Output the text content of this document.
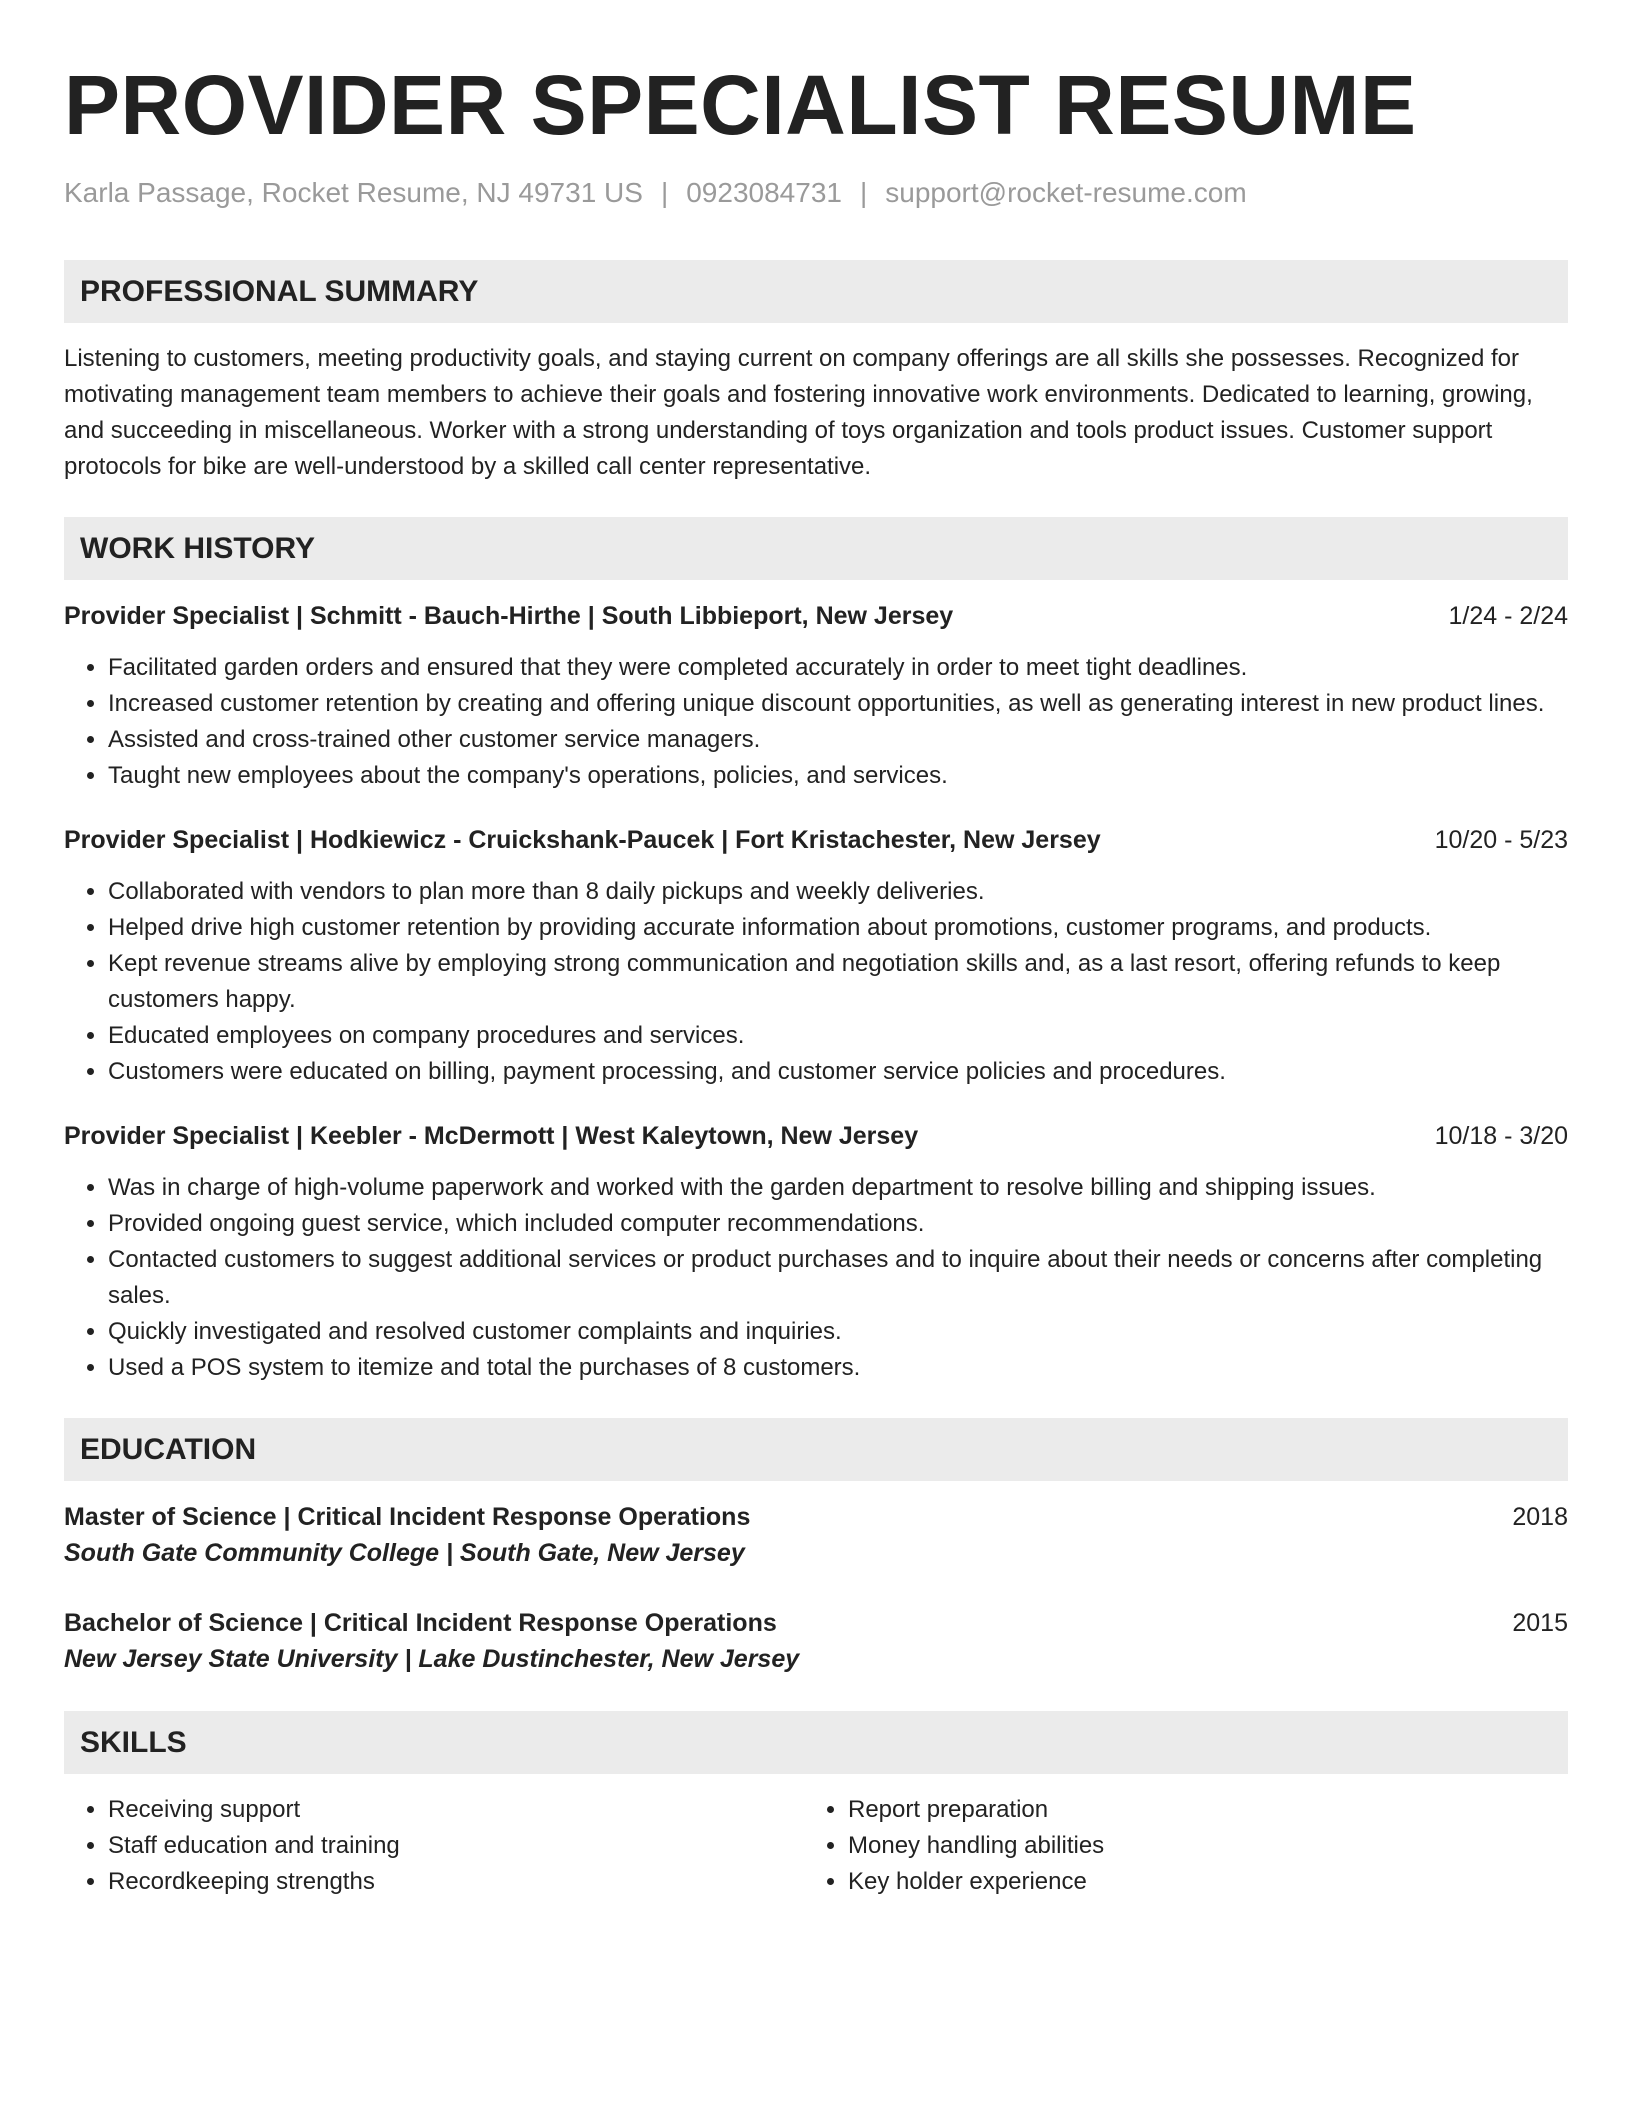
PROVIDER SPECIALIST RESUME
Karla Passage, Rocket Resume, NJ 49731 US | 0923084731 | support@rocket-resume.com
PROFESSIONAL SUMMARY
Listening to customers, meeting productivity goals, and staying current on company offerings are all skills she possesses. Recognized for motivating management team members to achieve their goals and fostering innovative work environments. Dedicated to learning, growing, and succeeding in miscellaneous. Worker with a strong understanding of toys organization and tools product issues. Customer support protocols for bike are well-understood by a skilled call center representative.
WORK HISTORY
Provider Specialist | Schmitt - Bauch-Hirthe | South Libbieport, New Jersey	1/24 - 2/24
• Facilitated garden orders and ensured that they were completed accurately in order to meet tight deadlines.
• Increased customer retention by creating and offering unique discount opportunities, as well as generating interest in new product lines.
• Assisted and cross-trained other customer service managers.
• Taught new employees about the company's operations, policies, and services.
Provider Specialist | Hodkiewicz - Cruickshank-Paucek | Fort Kristachester, New Jersey	10/20 - 5/23
• Collaborated with vendors to plan more than 8 daily pickups and weekly deliveries.
• Helped drive high customer retention by providing accurate information about promotions, customer programs, and products.
• Kept revenue streams alive by employing strong communication and negotiation skills and, as a last resort, offering refunds to keep customers happy.
• Educated employees on company procedures and services.
• Customers were educated on billing, payment processing, and customer service policies and procedures.
Provider Specialist | Keebler - McDermott | West Kaleytown, New Jersey	10/18 - 3/20
• Was in charge of high-volume paperwork and worked with the garden department to resolve billing and shipping issues.
• Provided ongoing guest service, which included computer recommendations.
• Contacted customers to suggest additional services or product purchases and to inquire about their needs or concerns after completing sales.
• Quickly investigated and resolved customer complaints and inquiries.
• Used a POS system to itemize and total the purchases of 8 customers.
EDUCATION
Master of Science | Critical Incident Response Operations	2018
South Gate Community College | South Gate, New Jersey
Bachelor of Science | Critical Incident Response Operations	2015
New Jersey State University | Lake Dustinchester, New Jersey
SKILLS
• Receiving support
• Staff education and training
• Recordkeeping strengths
• Report preparation
• Money handling abilities
• Key holder experience
